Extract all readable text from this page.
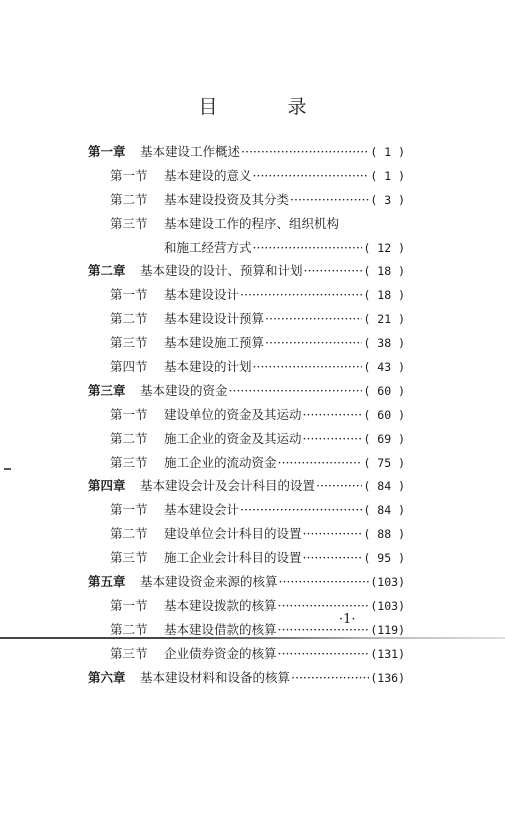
目 录
第一章	基本建设工作概述 ·····	( 1 )
第一节	基本建设的意义 ·····	( 1 )
第二节	基本建设投资及其分类 ·····	( 3 )
第三节	基本建设工作的程序、组织机构
和施工经营方式 ·····	( 12 )
第二章	基本建设的设计、预算和计划 ·····	( 18 )
第一节	基本建设设计 ·····	( 18 )
第二节	基本建设设计预算 ·····	( 21 )
第三节	基本建设施工预算 ·····	( 38 )
第四节	基本建设的计划 ·····	( 43 )
第三章	基本建设的资金 ·····	( 60 )
第一节	建设单位的资金及其运动 ·····	( 60 )
第二节	施工企业的资金及其运动 ·····	( 69 )
第三节	施工企业的流动资金 ·····	( 75 )
第四章	基本建设会计及会计科目的设置 ·····	( 84 )
第一节	基本建设会计 ·····	( 84 )
第二节	建设单位会计科目的设置 ·····	( 88 )
第三节	施工企业会计科目的设置 ·····	( 95 )
第五章	基本建设资金来源的核算 ·····	(103)
第一节	基本建设拨款的核算 ·····	(103)
第二节	基本建设借款的核算 ·····	(119)
第三节	企业债券资金的核算 ·····	(131)
第六章	基本建设材料和设备的核算 ·····	(136)
·1·
